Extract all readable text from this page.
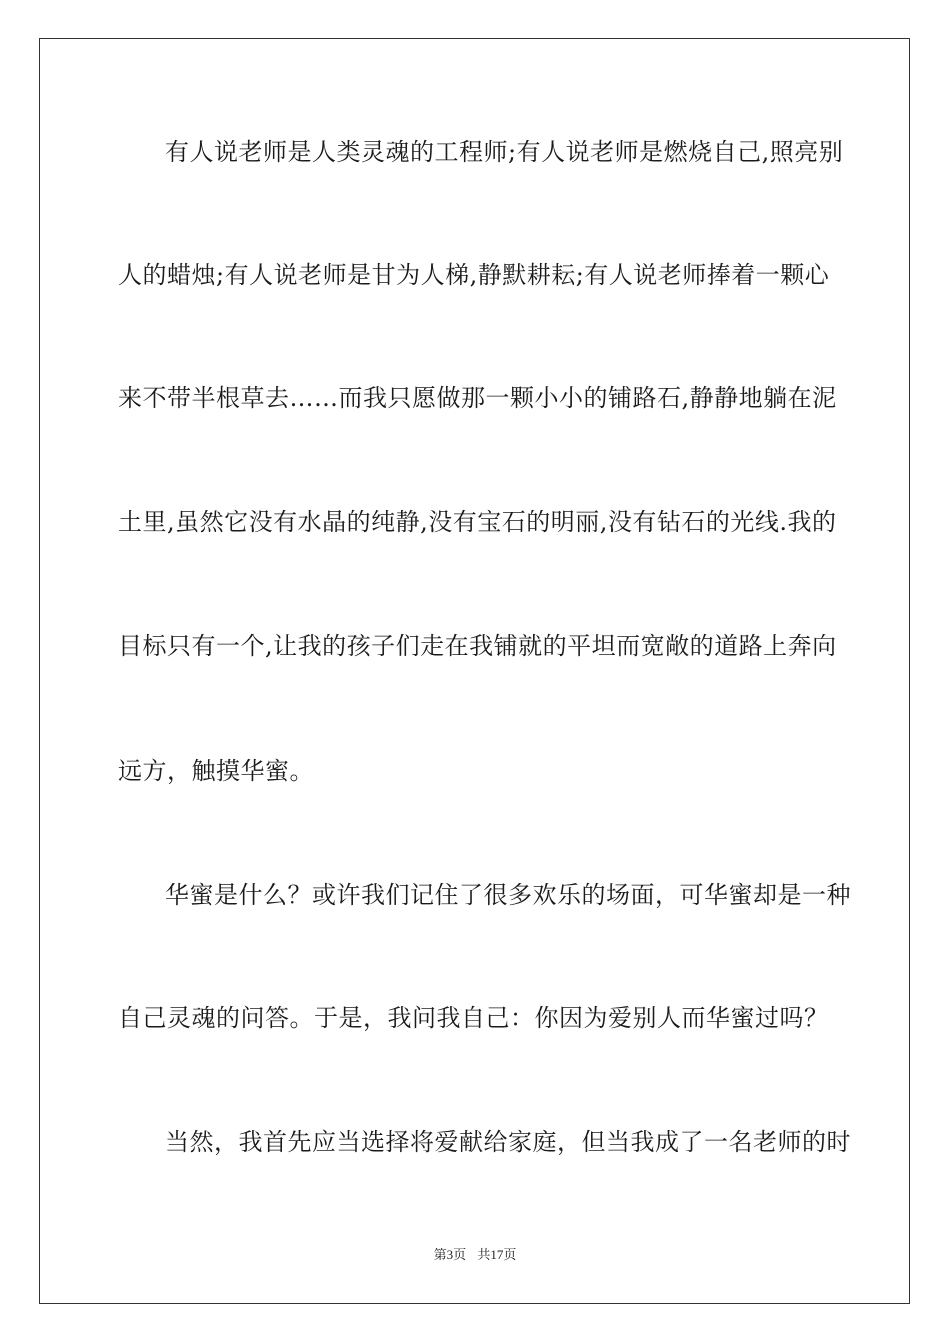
有人说老师是人类灵魂的工程师;有人说老师是燃烧自己,照亮别
人的蜡烛;有人说老师是甘为人梯,静默耕耘;有人说老师捧着一颗心
来不带半根草去……而我只愿做那一颗小小的铺路石,静静地躺在泥
土里,虽然它没有水晶的纯静,没有宝石的明丽,没有钻石的光线.我的
目标只有一个,让我的孩子们走在我铺就的平坦而宽敞的道路上奔向
远方，触摸华蜜。
华蜜是什么？或许我们记住了很多欢乐的场面，可华蜜却是一种
自己灵魂的问答。于是，我问我自己：你因为爱别人而华蜜过吗？
当然，我首先应当选择将爱献给家庭，但当我成了一名老师的时
第3页 共17页
